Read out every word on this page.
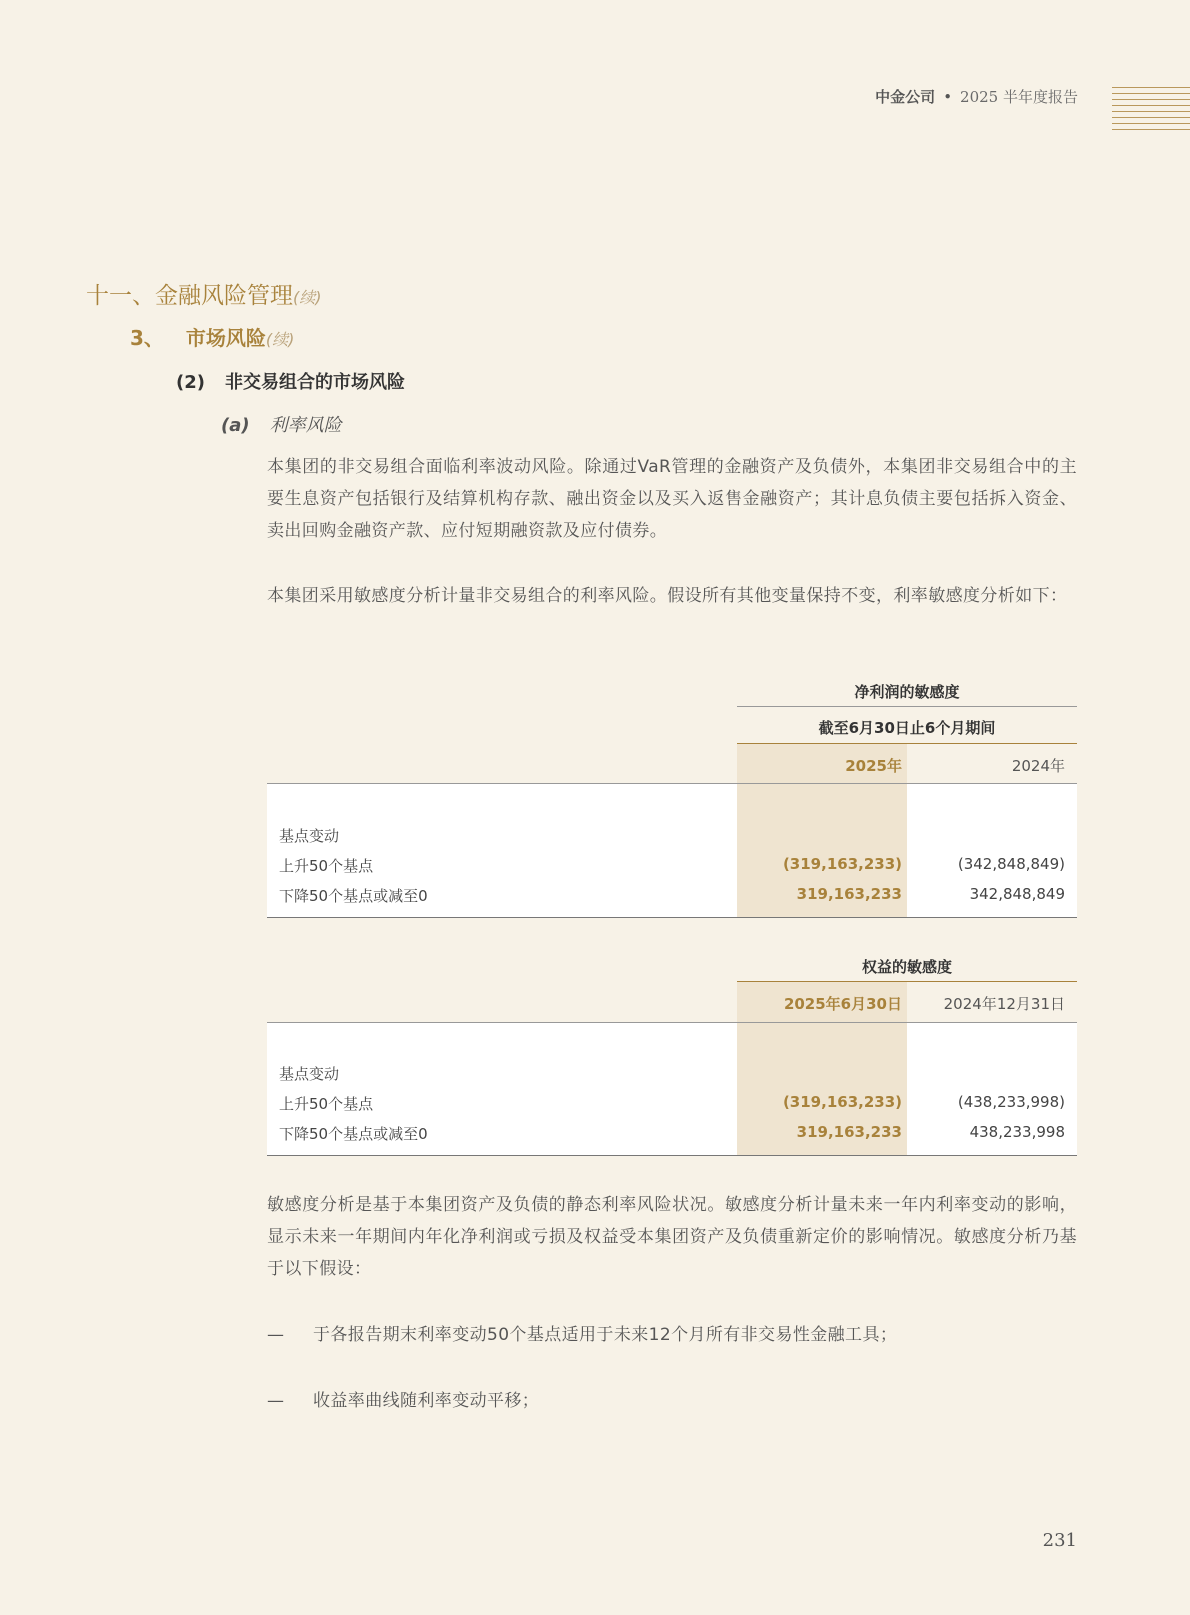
中金公司 • 2025 半年度报告
十一、金融风险管理(续)
3、 市场风险(续)
(2) 非交易组合的市场风险
(a) 利率风险
本集团的非交易组合面临利率波动风险。除通过VaR管理的金融资产及负债外，本集团非交易组合中的主要生息资产包括银行及结算机构存款、融出资金以及买入返售金融资产；其计息负债主要包括拆入资金、卖出回购金融资产款、应付短期融资款及应付债券。
本集团采用敏感度分析计量非交易组合的利率风险。假设所有其他变量保持不变，利率敏感度分析如下：
净利润的敏感度
截至6月30日止6个月期间
2025年	2024年
基点变动
上升50个基点	(319,163,233)	(342,848,849)
下降50个基点或减至0	319,163,233	342,848,849
权益的敏感度
2025年6月30日	2024年12月31日
基点变动
上升50个基点	(319,163,233)	(438,233,998)
下降50个基点或减至0	319,163,233	438,233,998
敏感度分析是基于本集团资产及负债的静态利率风险状况。敏感度分析计量未来一年内利率变动的影响，显示未来一年期间内年化净利润或亏损及权益受本集团资产及负债重新定价的影响情况。敏感度分析乃基于以下假设：
— 于各报告期末利率变动50个基点适用于未来12个月所有非交易性金融工具；
— 收益率曲线随利率变动平移；
231
